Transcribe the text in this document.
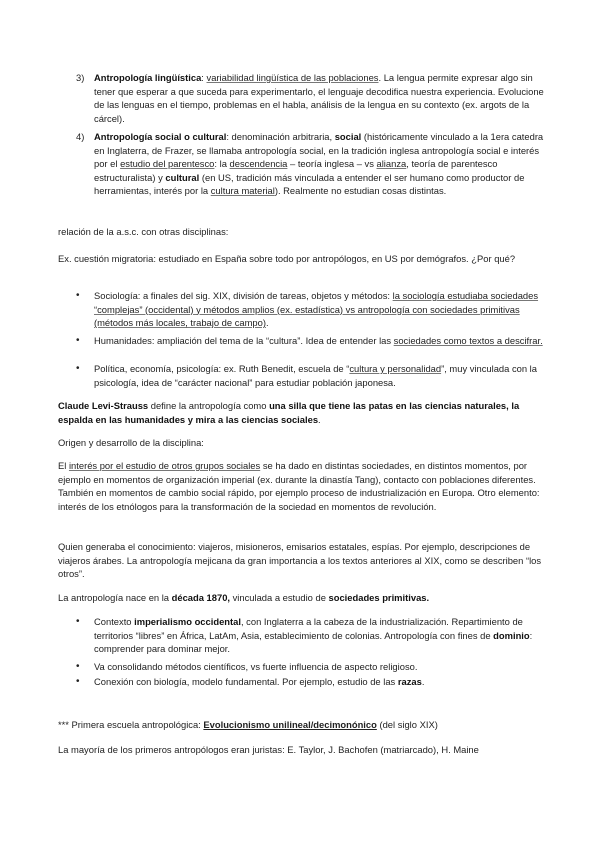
3) Antropología lingüística: variabilidad lingüística de las poblaciones. La lengua permite expresar algo sin tener que esperar a que suceda para experimentarlo, el lenguaje decodifica nuestra experiencia. Evolucione de las lenguas en el tiempo, problemas en el habla, análisis de la lengua en su contexto (ex. argots de la cárcel).
4) Antropología social o cultural: denominación arbitraria, social (históricamente vinculado a la 1era catedra en Inglaterra, de Frazer, se llamaba antropología social, en la tradición inglesa antropología social e interés por el estudio del parentesco: la descendencia – teoría inglesa – vs alianza, teoría de parentesco estructuralista) y cultural (en US, tradición más vinculada a entender el ser humano como productor de herramientas, interés por la cultura material). Realmente no estudian cosas distintas.

relación de la a.s.c. con otras disciplinas:

Ex. cuestión migratoria: estudiado en España sobre todo por antropólogos, en US por demógrafos. ¿Por qué?

• Sociología: a finales del sig. XIX, división de tareas, objetos y métodos: la sociología estudiaba sociedades “complejas” (occidental) y métodos amplios (ex. estadística) vs antropología con sociedades primitivas (métodos más locales, trabajo de campo).
• Humanidades: ampliación del tema de la “cultura”. Idea de entender las sociedades como textos a descifrar.
• Política, economía, psicología: ex. Ruth Benedit, escuela de “cultura y personalidad”, muy vinculada con la psicología, idea de “carácter nacional” para estudiar población japonesa.

Claude Levi-Strauss define la antropología como una silla que tiene las patas en las ciencias naturales, la espalda en las humanidades y mira a las ciencias sociales.

Origen y desarrollo de la disciplina:

El interés por el estudio de otros grupos sociales se ha dado en distintas sociedades, en distintos momentos, por ejemplo en momentos de organización imperial (ex. durante la dinastía Tang), contacto con poblaciones diferentes. También en momentos de cambio social rápido, por ejemplo proceso de industrialización en Europa. Otro elemento: interés de los etnólogos para la transformación de la sociedad en momentos de revolución.

Quien generaba el conocimiento: viajeros, misioneros, emisarios estatales, espías. Por ejemplo, descripciones de viajeros árabes. La antropología mejicana da gran importancia a los textos anteriores al XIX, como se describen “los otros”.

La antropología nace en la década 1870, vinculada a estudio de sociedades primitivas.

• Contexto imperialismo occidental, con Inglaterra a la cabeza de la industrialización. Repartimiento de territorios “libres” en África, LatAm, Asia, establecimiento de colonias. Antropología con fines de dominio: comprender para dominar mejor.
• Va consolidando métodos científicos, vs fuerte influencia de aspecto religioso.
• Conexión con biología, modelo fundamental. Por ejemplo, estudio de las razas.

*** Primera escuela antropológica: Evolucionismo unilineal/decimonónico (del siglo XIX)

La mayoría de los primeros antropólogos eran juristas: E. Taylor, J. Bachofen (matriarcado), H. Maine
